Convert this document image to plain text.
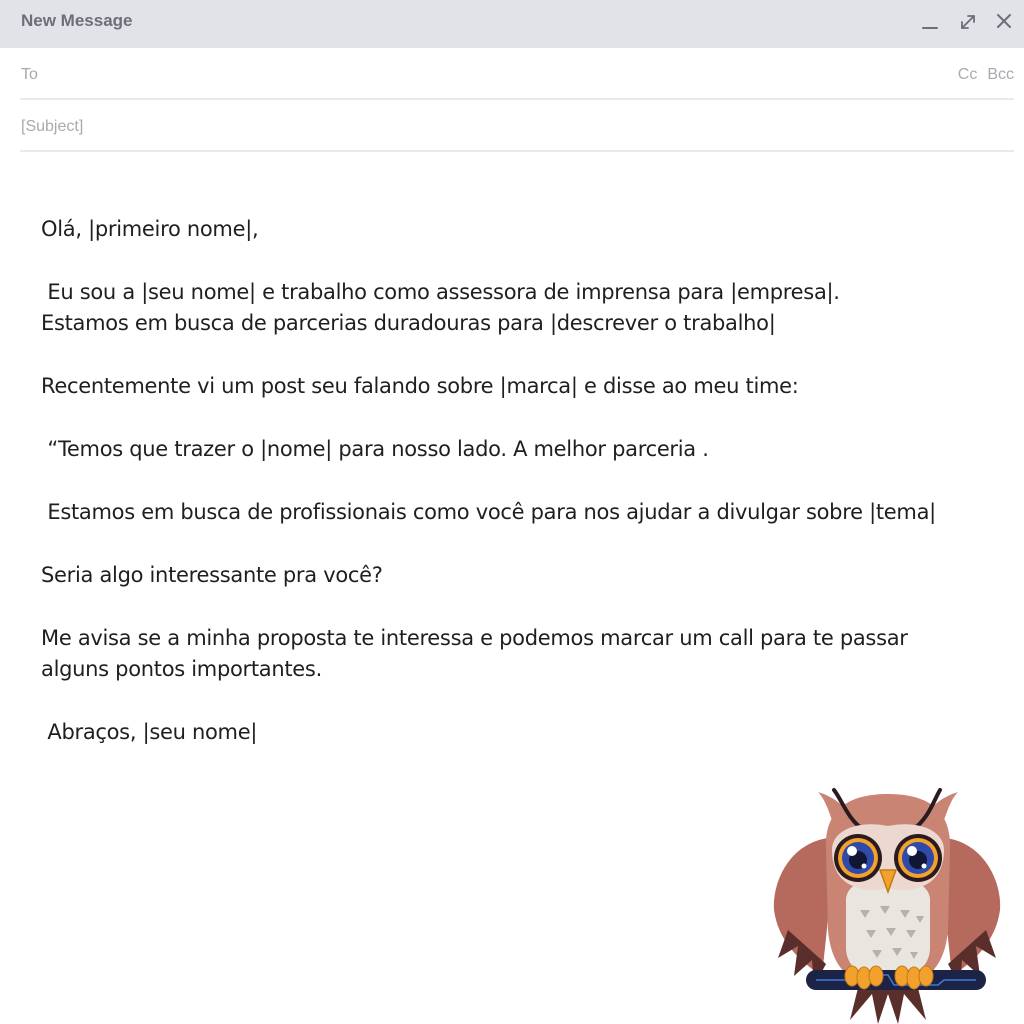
New Message
To	Cc Bcc
[Subject]

Olá, |primeiro nome|,

Eu sou a |seu nome| e trabalho como assessora de imprensa para |empresa|.
Estamos em busca de parcerias duradouras para |descrever o trabalho|

Recentemente vi um post seu falando sobre |marca| e disse ao meu time:

“Temos que trazer o |nome| para nosso lado. A melhor parceria .

Estamos em busca de profissionais como você para nos ajudar a divulgar sobre |tema|

Seria algo interessante pra você?

Me avisa se a minha proposta te interessa e podemos marcar um call para te passar
alguns pontos importantes.

Abraços, |seu nome|
